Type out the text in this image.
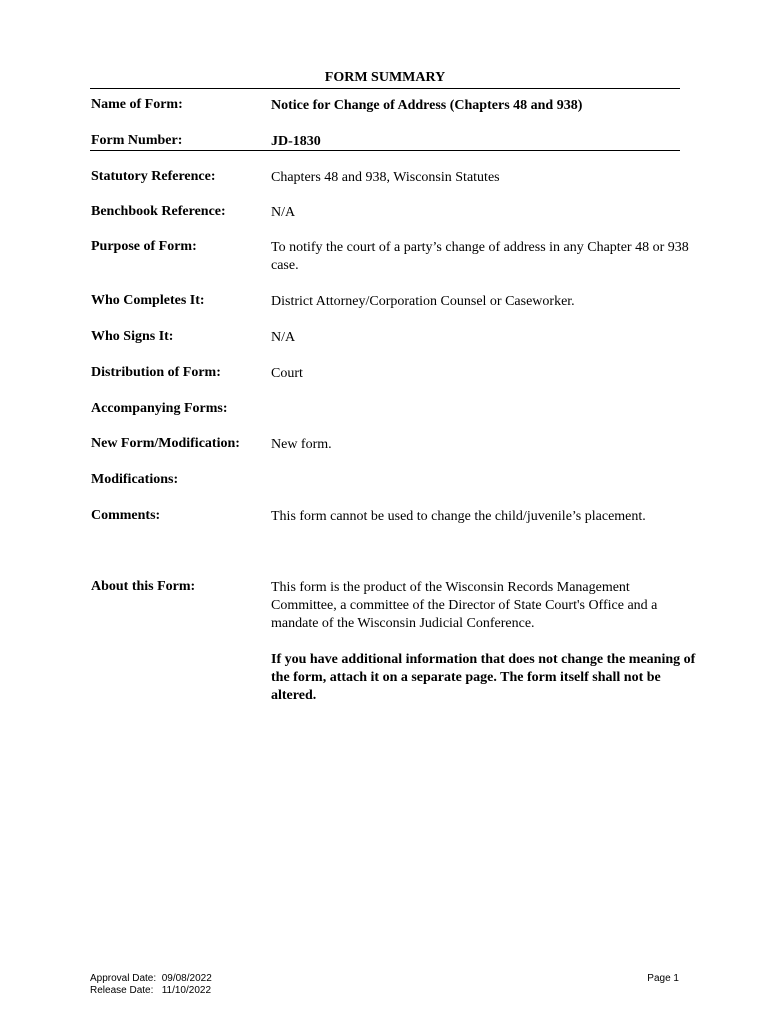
FORM SUMMARY
Name of Form:	Notice for Change of Address (Chapters 48 and 938)
Form Number:	JD-1830
Statutory Reference:	Chapters 48 and 938, Wisconsin Statutes
Benchbook Reference:	N/A
Purpose of Form:	To notify the court of a party’s change of address in any Chapter 48 or 938 case.
Who Completes It:	District Attorney/Corporation Counsel or Caseworker.
Who Signs It:	N/A
Distribution of Form:	Court
Accompanying Forms:
New Form/Modification: New form.
Modifications:
Comments:	This form cannot be used to change the child/juvenile’s placement.
About this Form:	This form is the product of the Wisconsin Records Management Committee, a committee of the Director of State Court's Office and a mandate of the Wisconsin Judicial Conference.
If you have additional information that does not change the meaning of the form, attach it on a separate page. The form itself shall not be altered.
Approval Date:  09/08/2022
Release Date:   11/10/2022
Page 1
